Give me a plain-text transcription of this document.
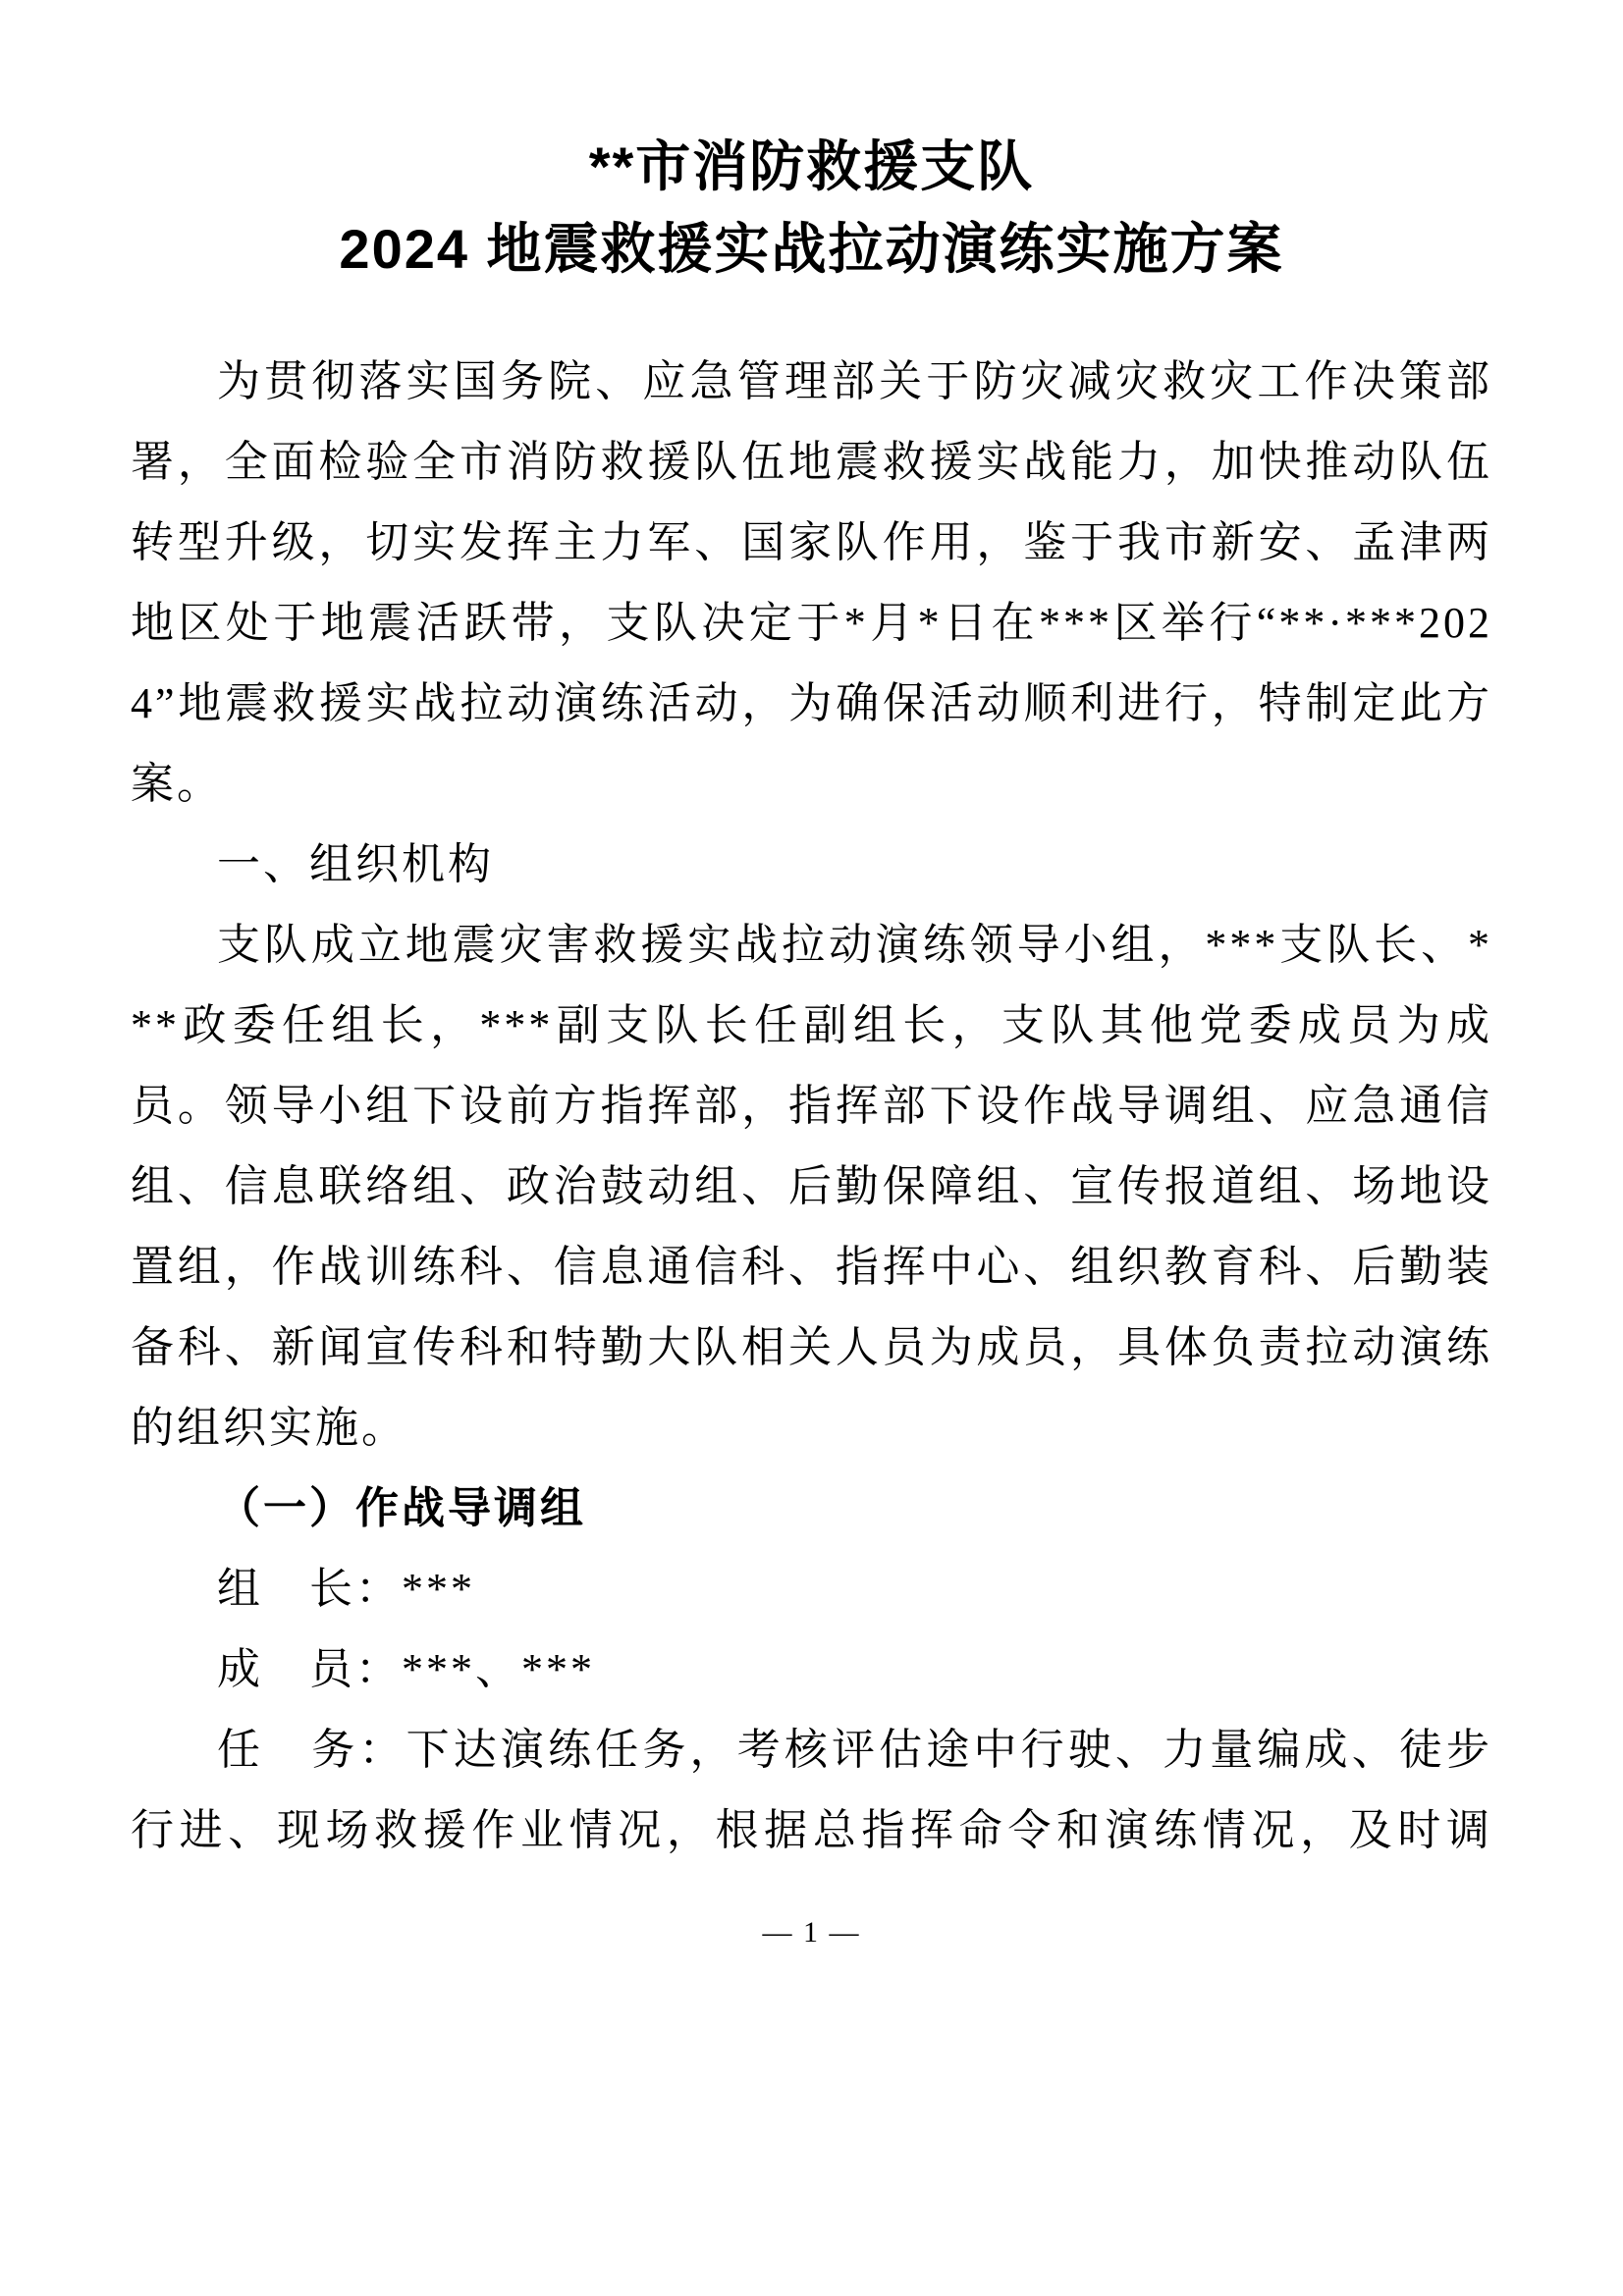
**市消防救援支队
2024 地震救援实战拉动演练实施方案

为贯彻落实国务院、应急管理部关于防灾减灾救灾工作决策部署，全面检验全市消防救援队伍地震救援实战能力，加快推动队伍转型升级，切实发挥主力军、国家队作用，鉴于我市新安、孟津两地区处于地震活跃带，支队决定于*月*日在***区举行“**·***2024”地震救援实战拉动演练活动，为确保活动顺利进行，特制定此方案。

一、组织机构

支队成立地震灾害救援实战拉动演练领导小组，***支队长、***政委任组长，***副支队长任副组长，支队其他党委成员为成员。领导小组下设前方指挥部，指挥部下设作战导调组、应急通信组、信息联络组、政治鼓动组、后勤保障组、宣传报道组、场地设置组，作战训练科、信息通信科、指挥中心、组织教育科、后勤装备科、新闻宣传科和特勤大队相关人员为成员，具体负责拉动演练的组织实施。

（一）作战导调组

组　长：***

成　员：***、***

任　务：下达演练任务，考核评估途中行驶、力量编成、徒步行进、现场救援作业情况，根据总指挥命令和演练情况，及时调

— 1 —
